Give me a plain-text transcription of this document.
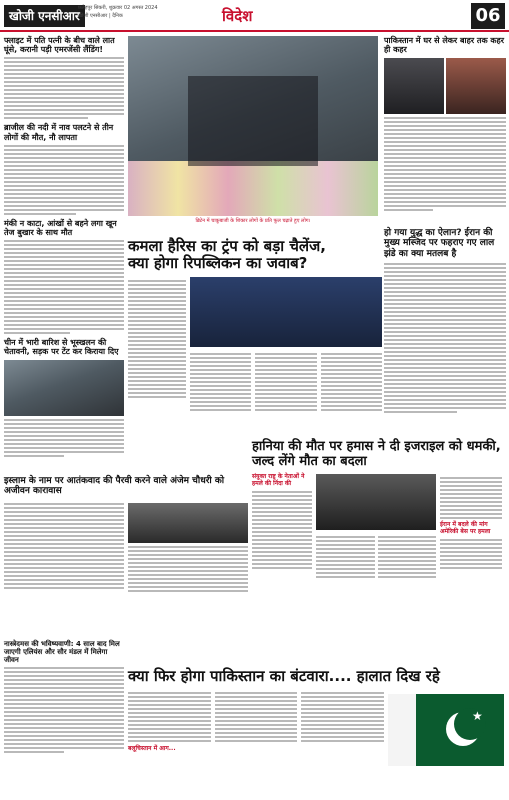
खोजी एनसीआर
फ़तेहपुर सिकरी, शुक्रवार 02 अगस्त 2024
खोजी एनसीआर | दैनिक	विदेश	06
फ्लाइट में पति पत्नी के बीच वाले लात घूंसे, करानी पड़ी एमरजेंसी लैंडिंग!
ब्राजील की नदी में नाव पलटने से तीन लोगों की मौत, नौ लापता
मंकी न काटा, आंखों से बहने लगा खून तेज बुखार के साथ मौत
चीन में भारी बारिश से भूस्खलन की चेतावनी, सड़क पर टेंट कर किराया दिए
ब्रिटेन में चाकूबाजी के शिकार लोगों के प्रति फूल चढ़ाते हुए लोग।
पाकिस्तान में घर से लेकर बाहर तक कहर ही कहर
कमला हैरिस का ट्रंप को बड़ा चैलेंज,
क्या होगा रिपब्लिकन का जवाब?
हो गया युद्ध का ऐलान? ईरान की मुख्य मस्जिद पर फहराए गए लाल झंडे का क्या मतलब है
इस्लाम के नाम पर आतंकवाद की पैरवी करने वाले अंजेम चौधरी को अजीवन कारावास
हानिया की मौत पर हमास ने दी इजराइल को धमकी, जल्द लेंगे मौत का बदला
संयुक्त राष्ट्र के नेताओं ने हमले की निंदा की
ईरान में बदले की मांग अमेरिकी बेस पर हमला
नास्त्रेदमस की भविष्यवाणी: 4 साल बाद मिल जाएगी एलियंस और सौर मंडल में मिलेगा जीवन
क्या फिर होगा पाकिस्तान का बंटवारा.... हालात दिख रहे
बलूचिस्तान में आग...
★
